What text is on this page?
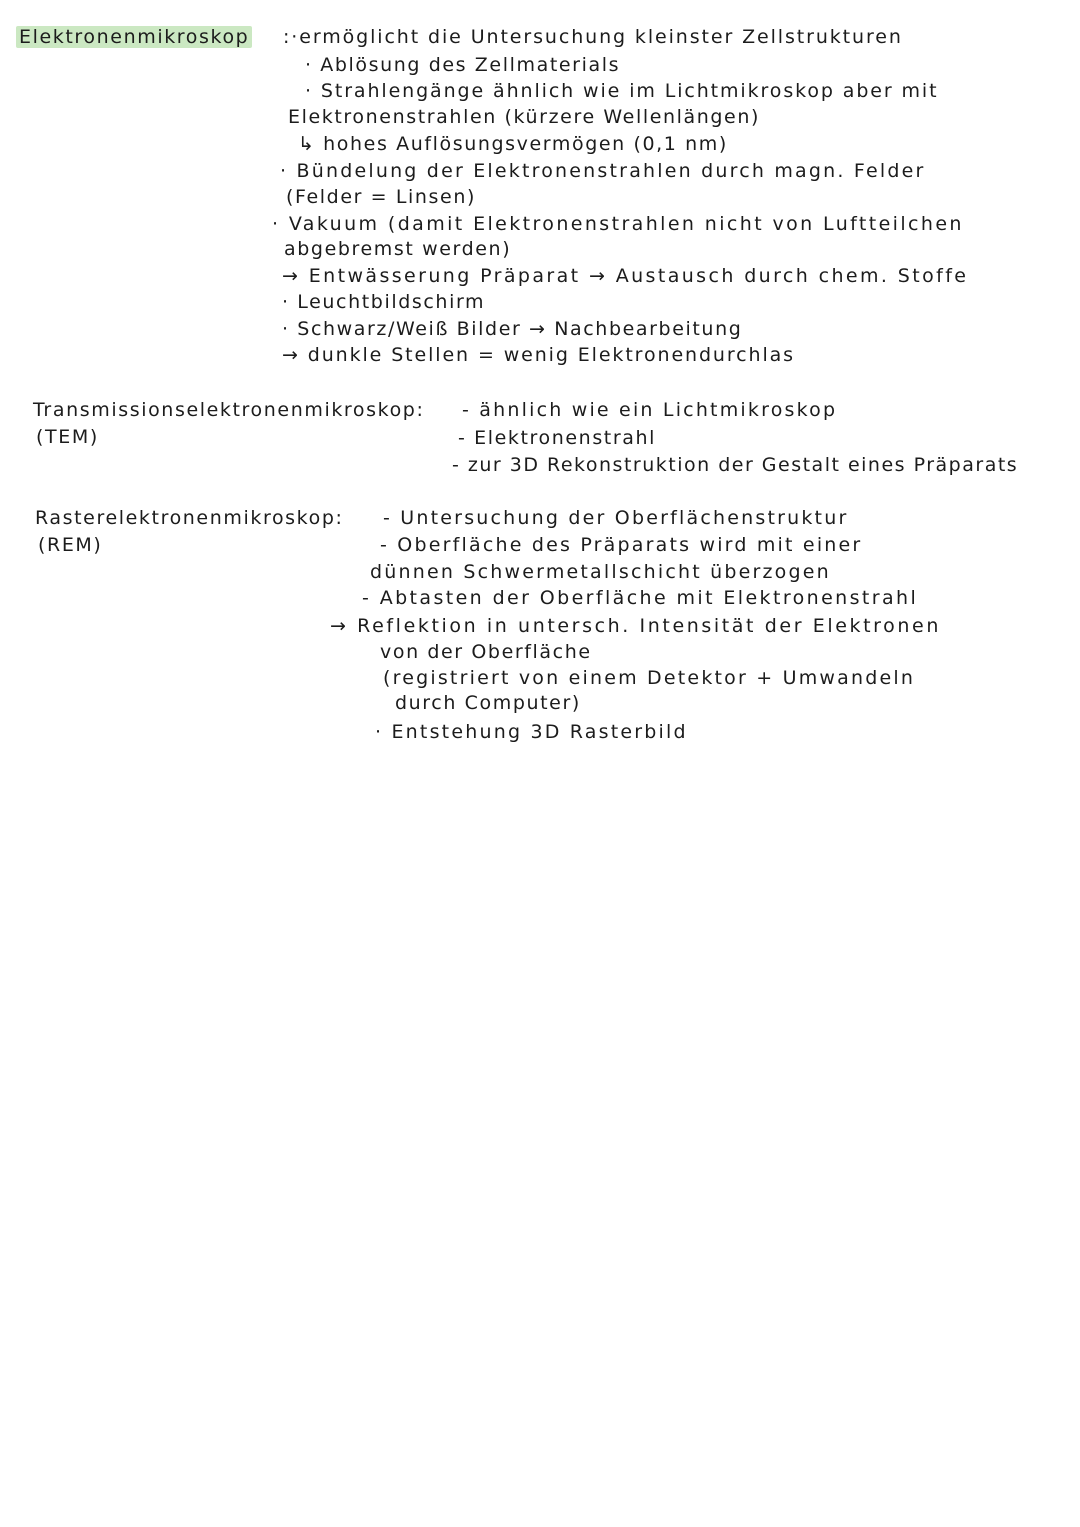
Elektronenmikroskop :·ermöglicht die Untersuchung kleinster Zellstrukturen
· Ablösung des Zellmaterials
· Strahlengänge ähnlich wie im Lichtmikroskop aber mit
Elektronenstrahlen (kürzere Wellenlängen)
↳ hohes Auflösungsvermögen (0,1 nm)
· Bündelung der Elektronenstrahlen durch magn. Felder
(Felder = Linsen)
· Vakuum (damit Elektronenstrahlen nicht von Luftteilchen
abgebremst werden)
→ Entwässerung Präparat → Austausch durch chem. Stoffe
· Leuchtbildschirm
· Schwarz/Weiß Bilder → Nachbearbeitung
→ dunkle Stellen = wenig Elektronendurchlas
Transmissionselektronenmikroskop:
(TEM)
- ähnlich wie ein Lichtmikroskop
- Elektronenstrahl
- zur 3D Rekonstruktion der Gestalt eines Präparats
Rasterelektronenmikroskop:
(REM)
- Untersuchung der Oberflächenstruktur
- Oberfläche des Präparats wird mit einer
dünnen Schwermetallschicht überzogen
- Abtasten der Oberfläche mit Elektronenstrahl
→ Reflektion in untersch. Intensität der Elektronen
von der Oberfläche
(registriert von einem Detektor + Umwandeln
durch Computer)
· Entstehung 3D Rasterbild
